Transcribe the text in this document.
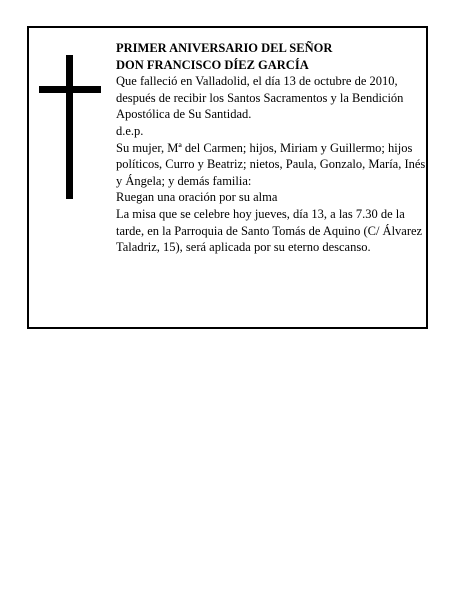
PRIMER ANIVERSARIO DEL SEÑOR

DON FRANCISCO DÍEZ GARCÍA

Que falleció en Valladolid, el día 13 de octubre de 2010, después de recibir los Santos Sacramentos y la Bendición Apostólica de Su Santidad.

d.e.p.

Su mujer, Mª del Carmen; hijos, Miriam y Guillermo; hijos políticos, Curro y Beatriz; nietos, Paula, Gonzalo, María, Inés y Ángela; y demás familia:

Ruegan una oración por su alma

La misa que se celebre hoy jueves, día 13, a las 7.30 de la tarde, en la Parroquia de Santo Tomás de Aquino (C/ Álvarez Taladriz, 15), será aplicada por su eterno descanso.
